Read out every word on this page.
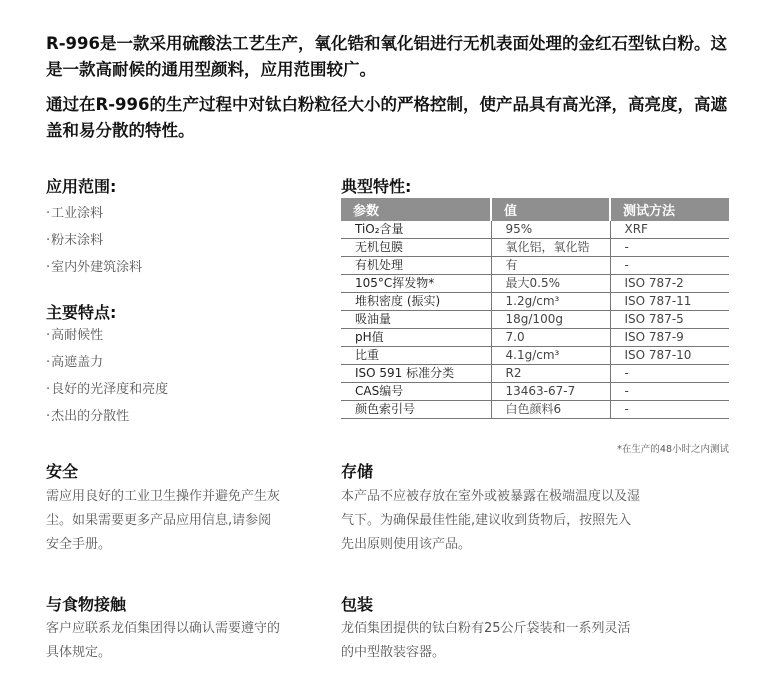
R-996是一款采用硫酸法工艺生产，氧化锆和氧化铝进行无机表面处理的金红石型钛白粉。这是一款高耐候的通用型颜料，应用范围较广。
通过在R-996的生产过程中对钛白粉粒径大小的严格控制，使产品具有高光泽，高亮度，高遮盖和易分散的特性。
应用范围:
· 工业涂料
· 粉末涂料
· 室内外建筑涂料
主要特点:
· 高耐候性
· 高遮盖力
· 良好的光泽度和亮度
· 杰出的分散性
典型特性:
参数	值	测试方法
TiO₂含量	95%	XRF
无机包膜	氧化铝，氧化锆	-
有机处理	有	-
105°C挥发物*	最大0.5%	ISO 787-2
堆积密度 (振实)	1.2g/cm³	ISO 787-11
吸油量	18g/100g	ISO 787-5
pH值	7.0	ISO 787-9
比重	4.1g/cm³	ISO 787-10
ISO 591 标准分类	R2	-
CAS编号	13463-67-7	-
颜色索引号	白色颜料6	-
*在生产的48小时之内测试
安全
需应用良好的工业卫生操作并避免产生灰尘。如果需要更多产品应用信息,请参阅安全手册。
存储
本产品不应被存放在室外或被暴露在极端温度以及湿气下。为确保最佳性能,建议收到货物后，按照先入先出原则使用该产品。
与食物接触
客户应联系龙佰集团得以确认需要遵守的具体规定。
包装
龙佰集团提供的钛白粉有25公斤袋装和一系列灵活的中型散装容器。
